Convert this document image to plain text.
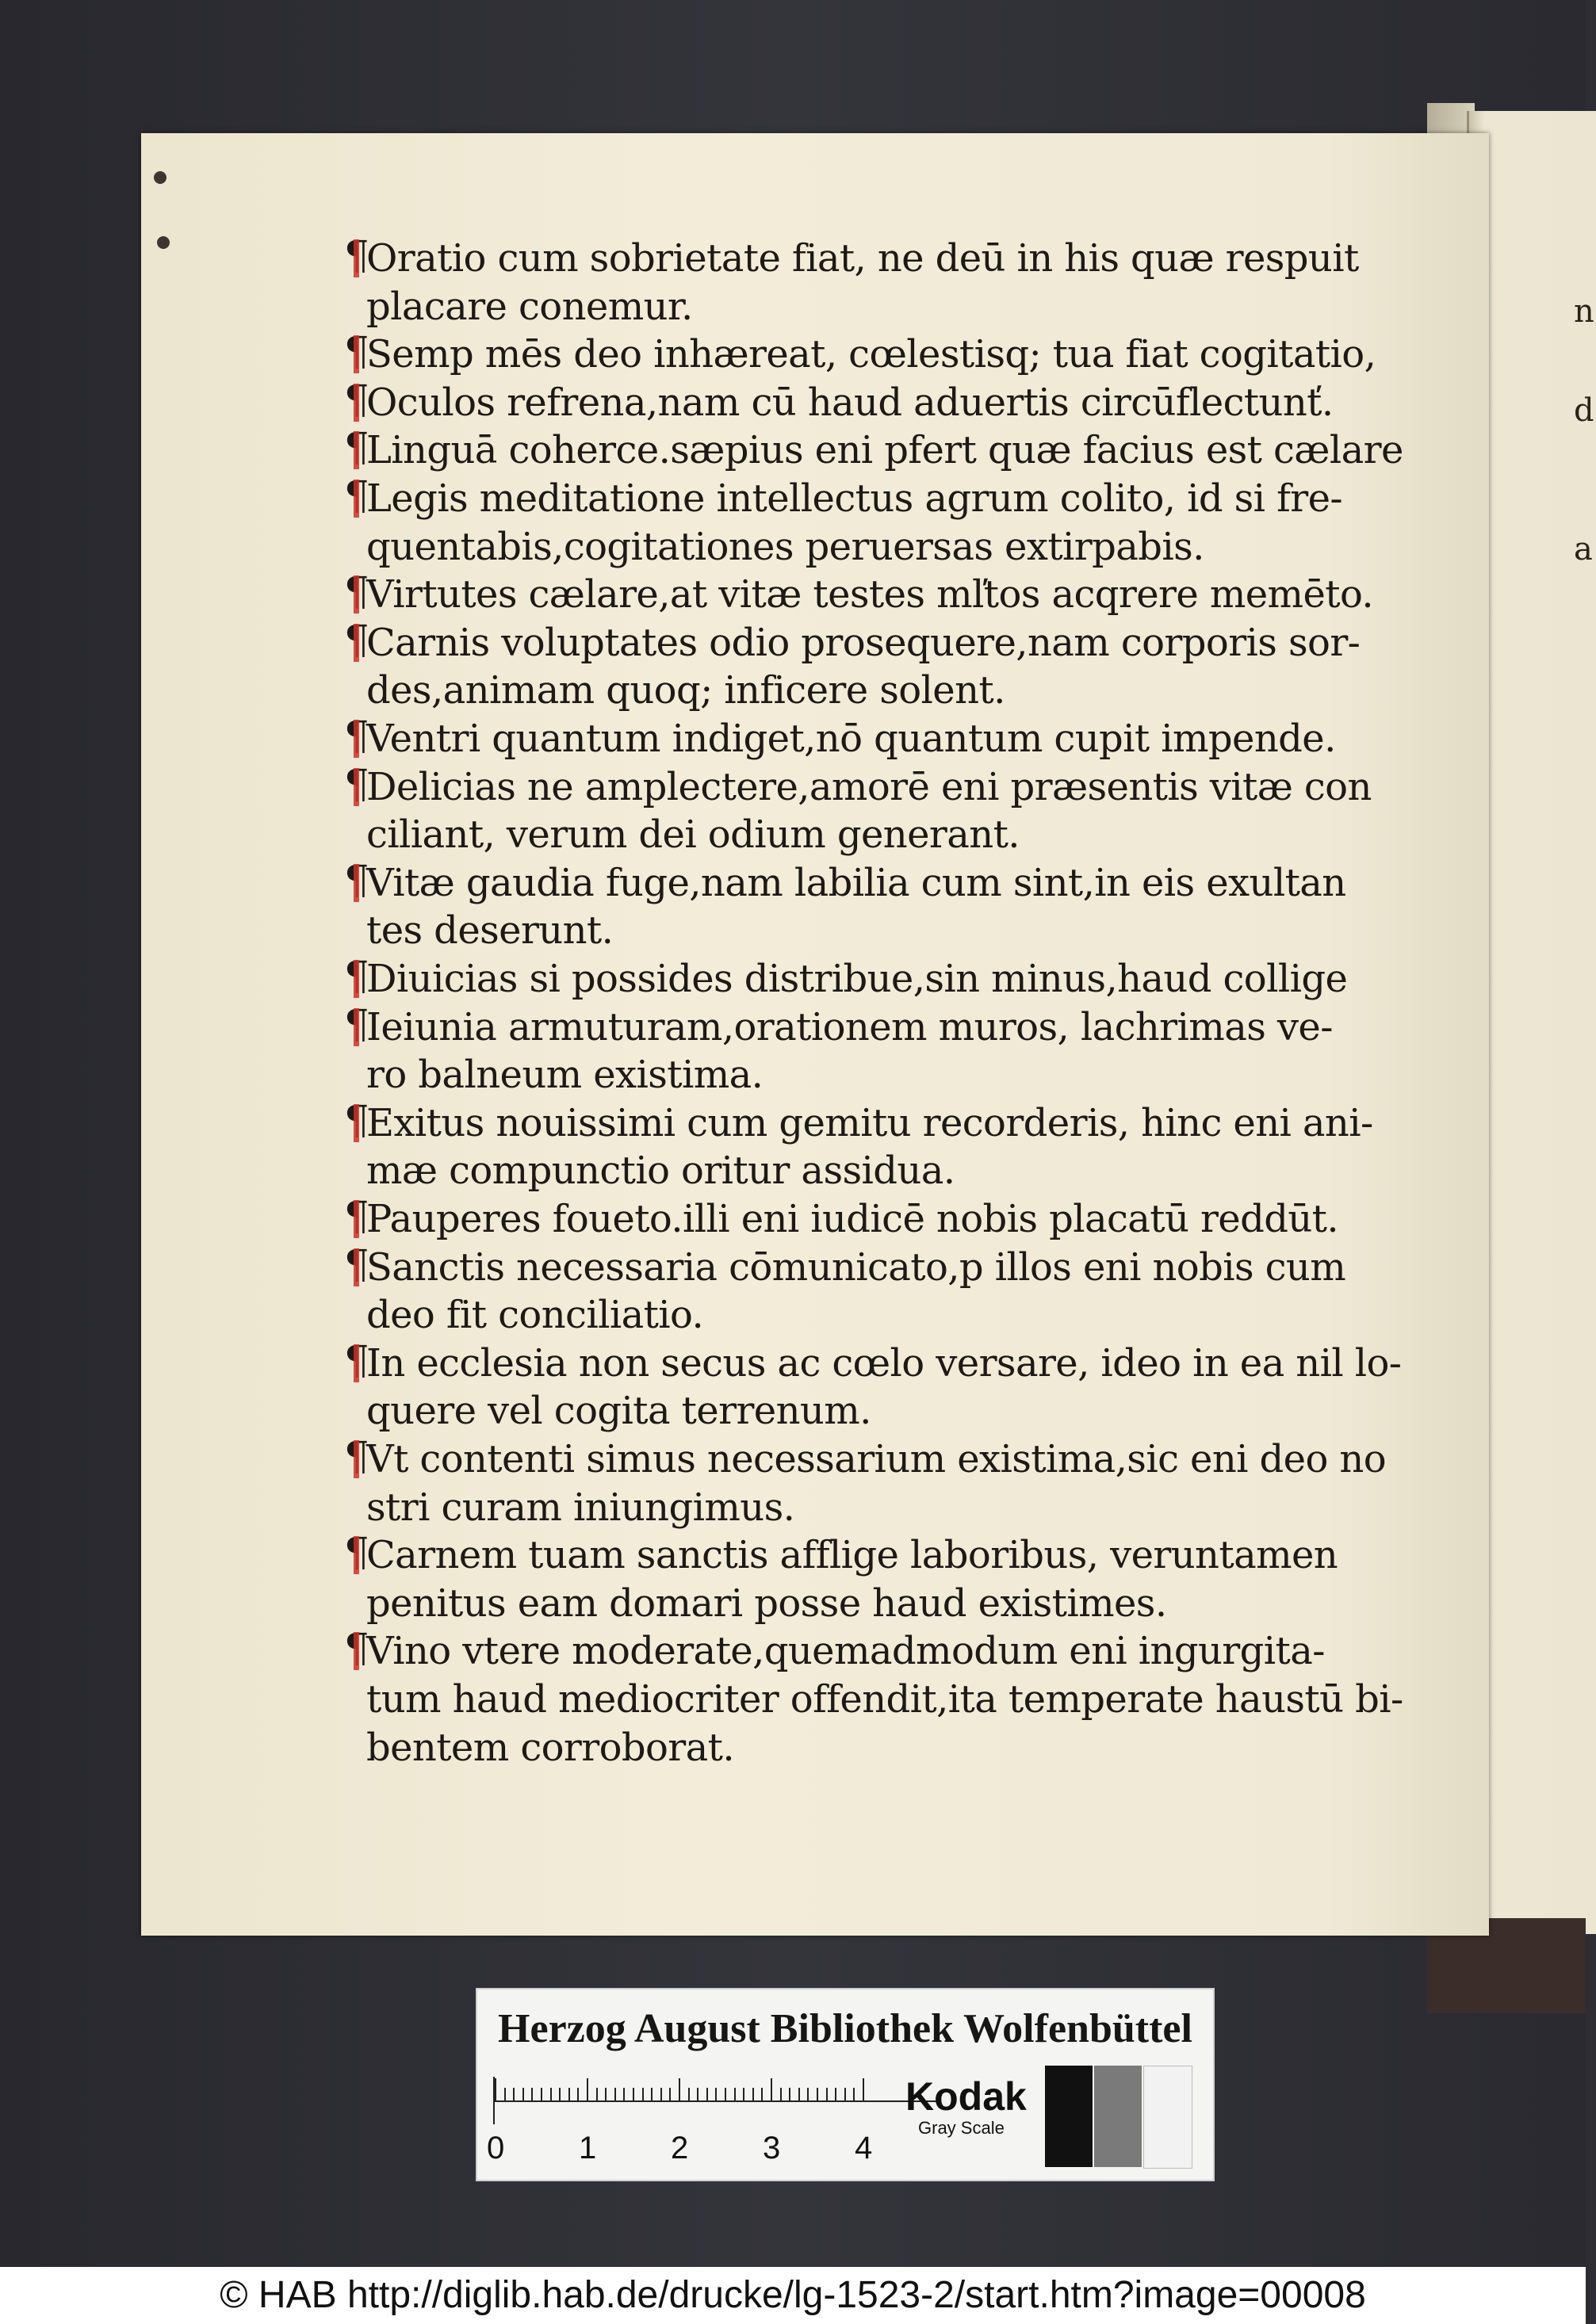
¶
Oratio cum sobrietate fiat, ne deū in his quæ respuit
placare conemur.
¶
Semp mēs deo inhæreat, cœlestisq; tua fiat cogitatio,
¶
Oculos refrena,nam cū haud aduertis circūflectunť.
¶
Linguā coherce.sæpius eni pfert quæ facius est cælare
¶
Legis meditatione intellectus agrum colito, id si fre-
quentabis,cogitationes peruersas extirpabis.
¶
Virtutes cælare,at vitæ testes mľtos acqrere memēto.
¶
Carnis voluptates odio prosequere,nam corporis sor-
des,animam quoq; inficere solent.
¶
Ventri quantum indiget,nō quantum cupit impende.
¶
Delicias ne amplectere,amorē eni præsentis vitæ con
ciliant, verum dei odium generant.
¶
Vitæ gaudia fuge,nam labilia cum sint,in eis exultan
tes deserunt.
¶
Diuicias si possides distribue,sin minus,haud collige
¶
Ieiunia armuturam,orationem muros, lachrimas ve-
ro balneum existima.
¶
Exitus nouissimi cum gemitu recorderis, hinc eni ani-
mæ compunctio oritur assidua.
¶
Pauperes foueto.illi eni iudicē nobis placatū reddūt.
¶
Sanctis necessaria cōmunicato,p illos eni nobis cum
deo fit conciliatio.
¶
In ecclesia non secus ac cœlo versare, ideo in ea nil lo-
quere vel cogita terrenum.
¶
Vt contenti simus necessarium existima,sic eni deo no
stri curam iniungimus.
¶
Carnem tuam sanctis afflige laboribus, veruntamen
penitus eam domari posse haud existimes.
¶
Vino vtere moderate,quemadmodum eni ingurgita-
tum haud mediocriter offendit,ita temperate haustū bi-
bentem corroborat.
n
d
a
Herzog August Bibliothek Wolfenbüttel
0 1 2 3 4
Kodak
Gray Scale
© HAB http://diglib.hab.de/drucke/lg-1523-2/start.htm?image=00008
